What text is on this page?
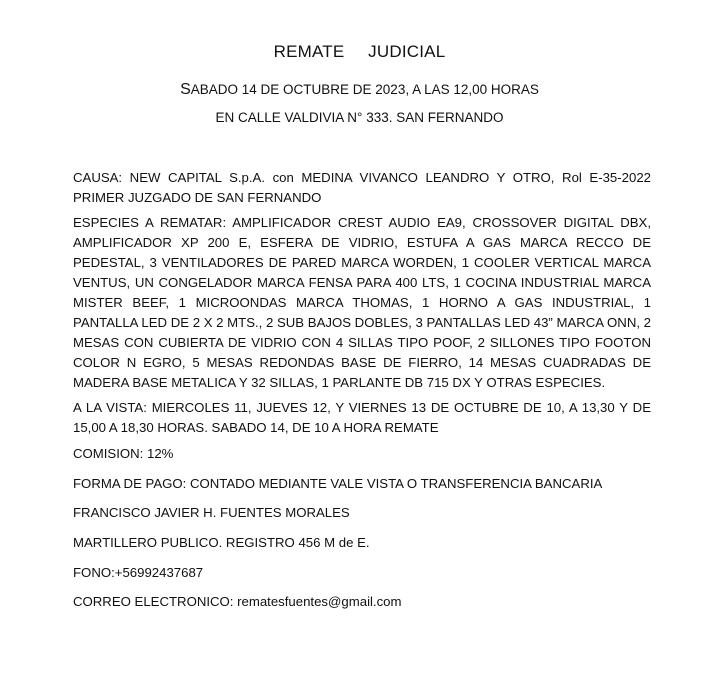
REMATE   JUDICIAL
SABADO 14 DE OCTUBRE DE 2023, A LAS 12,00 HORAS
EN CALLE VALDIVIA N° 333. SAN FERNANDO
CAUSA: NEW CAPITAL S.p.A. con MEDINA VIVANCO LEANDRO Y OTRO, Rol E-35-2022 PRIMER JUZGADO DE SAN FERNANDO
ESPECIES A REMATAR: AMPLIFICADOR CREST AUDIO EA9, CROSSOVER DIGITAL DBX, AMPLIFICADOR XP 200 E, ESFERA DE VIDRIO, ESTUFA A GAS MARCA RECCO DE PEDESTAL, 3 VENTILADORES DE PARED MARCA WORDEN, 1 COOLER VERTICAL MARCA VENTUS, UN CONGELADOR MARCA FENSA PARA 400 LTS, 1 COCINA INDUSTRIAL MARCA MISTER BEEF, 1 MICROONDAS MARCA THOMAS, 1 HORNO A GAS INDUSTRIAL, 1 PANTALLA LED DE 2 X 2 MTS., 2 SUB BAJOS DOBLES, 3 PANTALLAS LED 43” MARCA ONN, 2 MESAS CON CUBIERTA DE VIDRIO CON 4 SILLAS TIPO POOF, 2 SILLONES TIPO FOOTON COLOR N EGRO, 5 MESAS REDONDAS BASE DE FIERRO, 14 MESAS CUADRADAS DE MADERA BASE METALICA Y 32 SILLAS, 1 PARLANTE DB 715 DX Y OTRAS ESPECIES.
A LA VISTA: MIERCOLES 11, JUEVES 12, Y VIERNES 13 DE OCTUBRE DE 10, A 13,30 Y DE 15,00 A 18,30 HORAS. SABADO 14, DE 10 A HORA REMATE
COMISION: 12%
FORMA DE PAGO: CONTADO MEDIANTE VALE VISTA O TRANSFERENCIA BANCARIA
FRANCISCO JAVIER H. FUENTES MORALES
MARTILLERO PUBLICO. REGISTRO 456 M de E.
FONO:+56992437687
CORREO ELECTRONICO: rematesfuentes@gmail.com
